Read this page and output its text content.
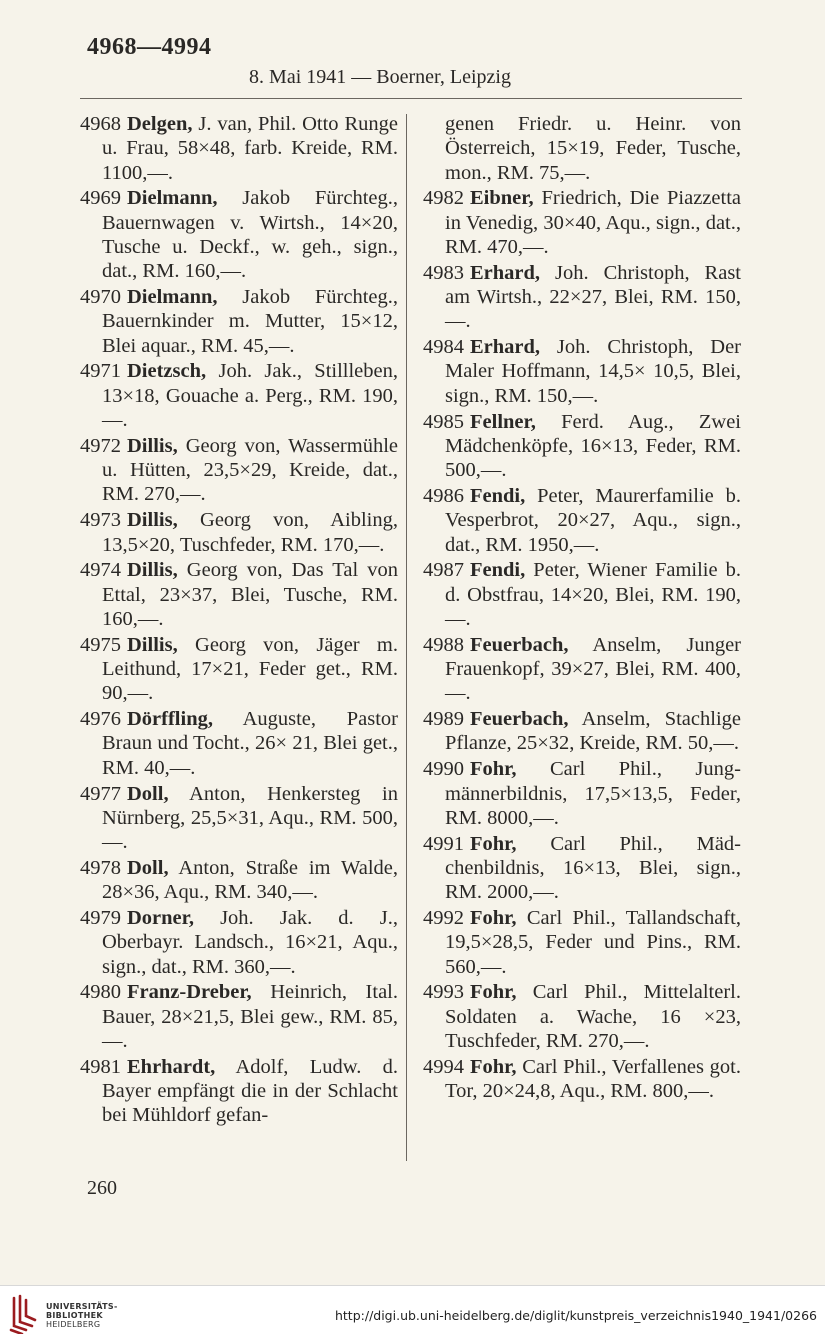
4968—4994
8. Mai 1941 — Boerner, Leipzig
4968 Delgen, J. van, Phil. Otto Runge u. Frau, 58×48, farb. Kreide, RM. 1100,—.
4969 Dielmann, Jakob Fürchteg., Bauernwagen v. Wirtsh., 14×20, Tusche u. Deckf., w. geh., sign., dat., RM. 160,—.
4970 Dielmann, Jakob Fürchteg., Bauernkinder m. Mutter, 15×12, Blei aquar., RM. 45,—.
4971 Dietzsch, Joh. Jak., Stillleben, 13×18, Gouache a. Perg., RM. 190,—.
4972 Dillis, Georg von, Wassermühle u. Hütten, 23,5×29, Kreide, dat., RM. 270,—.
4973 Dillis, Georg von, Aibling, 13,5×20, Tuschfeder, RM. 170,—.
4974 Dillis, Georg von, Das Tal von Ettal, 23×37, Blei, Tusche, RM. 160,—.
4975 Dillis, Georg von, Jäger m. Leithund, 17×21, Feder get., RM. 90,—.
4976 Dörffling, Auguste, Pastor Braun und Tocht., 26× 21, Blei get., RM. 40,—.
4977 Doll, Anton, Henkersteg in Nürnberg, 25,5×31, Aqu., RM. 500,—.
4978 Doll, Anton, Straße im Walde, 28×36, Aqu., RM. 340,—.
4979 Dorner, Joh. Jak. d. J., Oberbayr. Landsch., 16×21, Aqu., sign., dat., RM. 360,—.
4980 Franz-Dreber, Heinrich, Ital. Bauer, 28×21,5, Blei gew., RM. 85,—.
4981 Ehrhardt, Adolf, Ludw. d. Bayer empfängt die in der Schlacht bei Mühldorf gefan-
genen Friedr. u. Heinr. von Österreich, 15×19, Feder, Tusche, mon., RM. 75,—.
4982 Eibner, Friedrich, Die Piazzetta in Venedig, 30×40, Aqu., sign., dat., RM. 470,—.
4983 Erhard, Joh. Christoph, Rast am Wirtsh., 22×27, Blei, RM. 150,—.
4984 Erhard, Joh. Christoph, Der Maler Hoffmann, 14,5× 10,5, Blei, sign., RM. 150,—.
4985 Fellner, Ferd. Aug., Zwei Mädchenköpfe, 16×13, Feder, RM. 500,—.
4986 Fendi, Peter, Maurerfamilie b. Vesperbrot, 20×27, Aqu., sign., dat., RM. 1950,—.
4987 Fendi, Peter, Wiener Familie b. d. Obstfrau, 14×20, Blei, RM. 190,—.
4988 Feuerbach, Anselm, Junger Frauenkopf, 39×27, Blei, RM. 400,—.
4989 Feuerbach, Anselm, Stachlige Pflanze, 25×32, Kreide, RM. 50,—.
4990 Fohr, Carl Phil., Jungmännerbildnis, 17,5×13,5, Feder, RM. 8000,—.
4991 Fohr, Carl Phil., Mädchenbildnis, 16×13, Blei, sign., RM. 2000,—.
4992 Fohr, Carl Phil., Tallandschaft, 19,5×28,5, Feder und Pins., RM. 560,—.
4993 Fohr, Carl Phil., Mittelalterl. Soldaten a. Wache, 16 ×23, Tuschfeder, RM. 270,—.
4994 Fohr, Carl Phil., Verfallenes got. Tor, 20×24,8, Aqu., RM. 800,—.
260
UNIVERSITÄTS-
BIBLIOTHEK
HEIDELBERG
http://digi.ub.uni-heidelberg.de/diglit/kunstpreis_verzeichnis1940_1941/0266
